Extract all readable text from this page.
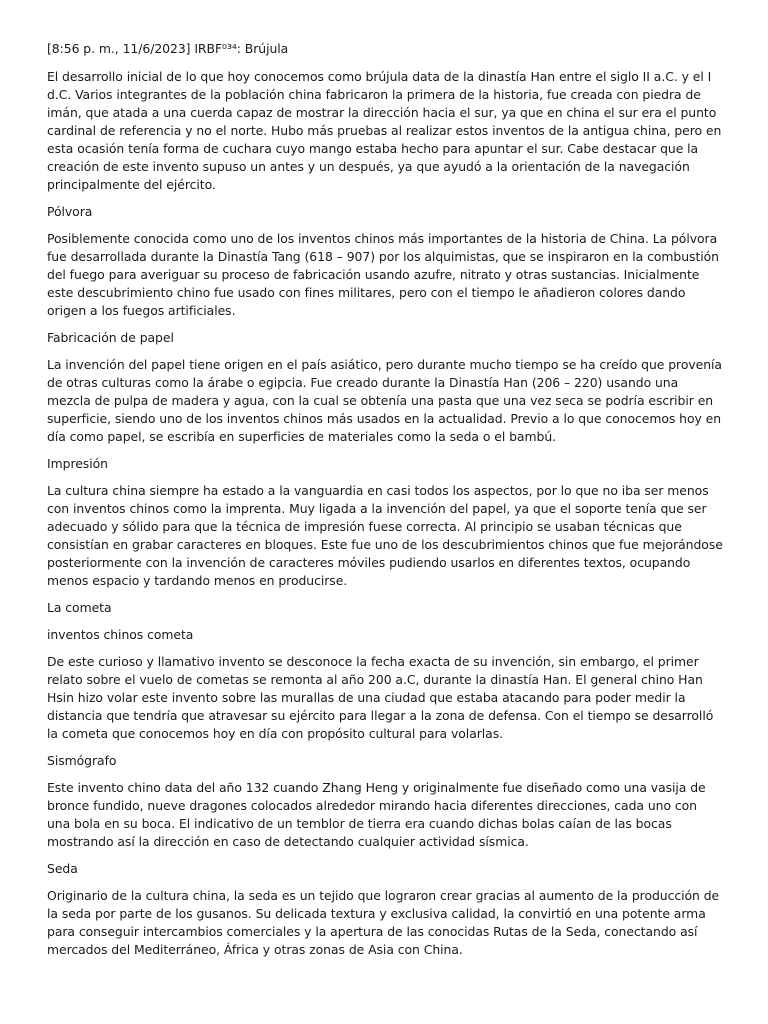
[8:56 p. m., 11/6/2023] IRBF⁰³⁴: Brújula

El desarrollo inicial de lo que hoy conocemos como brújula data de la dinastía Han entre el siglo II a.C. y el I d.C. Varios integrantes de la población china fabricaron la primera de la historia, fue creada con piedra de imán, que atada a una cuerda capaz de mostrar la dirección hacia el sur, ya que en china el sur era el punto cardinal de referencia y no el norte. Hubo más pruebas al realizar estos inventos de la antigua china, pero en esta ocasión tenía forma de cuchara cuyo mango estaba hecho para apuntar el sur. Cabe destacar que la creación de este invento supuso un antes y un después, ya que ayudó a la orientación de la navegación principalmente del ejército.

Pólvora

Posiblemente conocida como uno de los inventos chinos más importantes de la historia de China. La pólvora fue desarrollada durante la Dinastía Tang (618 – 907) por los alquimistas, que se inspiraron en la combustión del fuego para averiguar su proceso de fabricación usando azufre, nitrato y otras sustancias. Inicialmente este descubrimiento chino fue usado con fines militares, pero con el tiempo le añadieron colores dando origen a los fuegos artificiales.

Fabricación de papel

La invención del papel tiene origen en el país asiático, pero durante mucho tiempo se ha creído que provenía de otras culturas como la árabe o egipcia. Fue creado durante la Dinastía Han (206 – 220) usando una mezcla de pulpa de madera y agua, con la cual se obtenía una pasta que una vez seca se podría escribir en superficie, siendo uno de los inventos chinos más usados en la actualidad. Previo a lo que conocemos hoy en día como papel, se escribía en superficies de materiales como la seda o el bambú.

Impresión

La cultura china siempre ha estado a la vanguardia en casi todos los aspectos, por lo que no iba ser menos con inventos chinos como la imprenta. Muy ligada a la invención del papel, ya que el soporte tenía que ser adecuado y sólido para que la técnica de impresión fuese correcta. Al principio se usaban técnicas que consistían en grabar caracteres en bloques. Este fue uno de los descubrimientos chinos que fue mejorándose posteriormente con la invención de caracteres móviles pudiendo usarlos en diferentes textos, ocupando menos espacio y tardando menos en producirse.

La cometa

inventos chinos cometa

De este curioso y llamativo invento se desconoce la fecha exacta de su invención, sin embargo, el primer relato sobre el vuelo de cometas se remonta al año 200 a.C, durante la dinastía Han. El general chino Han Hsin hizo volar este invento sobre las murallas de una ciudad que estaba atacando para poder medir la distancia que tendría que atravesar su ejército para llegar a la zona de defensa. Con el tiempo se desarrolló la cometa que conocemos hoy en día con propósito cultural para volarlas.

Sismógrafo

Este invento chino data del año 132 cuando Zhang Heng y originalmente fue diseñado como una vasija de bronce fundido, nueve dragones colocados alrededor mirando hacia diferentes direcciones, cada uno con una bola en su boca. El indicativo de un temblor de tierra era cuando dichas bolas caían de las bocas mostrando así la dirección en caso de detectando cualquier actividad sísmica.

Seda

Originario de la cultura china, la seda es un tejido que lograron crear gracias al aumento de la producción de la seda por parte de los gusanos. Su delicada textura y exclusiva calidad, la convirtió en una potente arma para conseguir intercambios comerciales y la apertura de las conocidas Rutas de la Seda, conectando así mercados del Mediterráneo, África y otras zonas de Asia con China.
